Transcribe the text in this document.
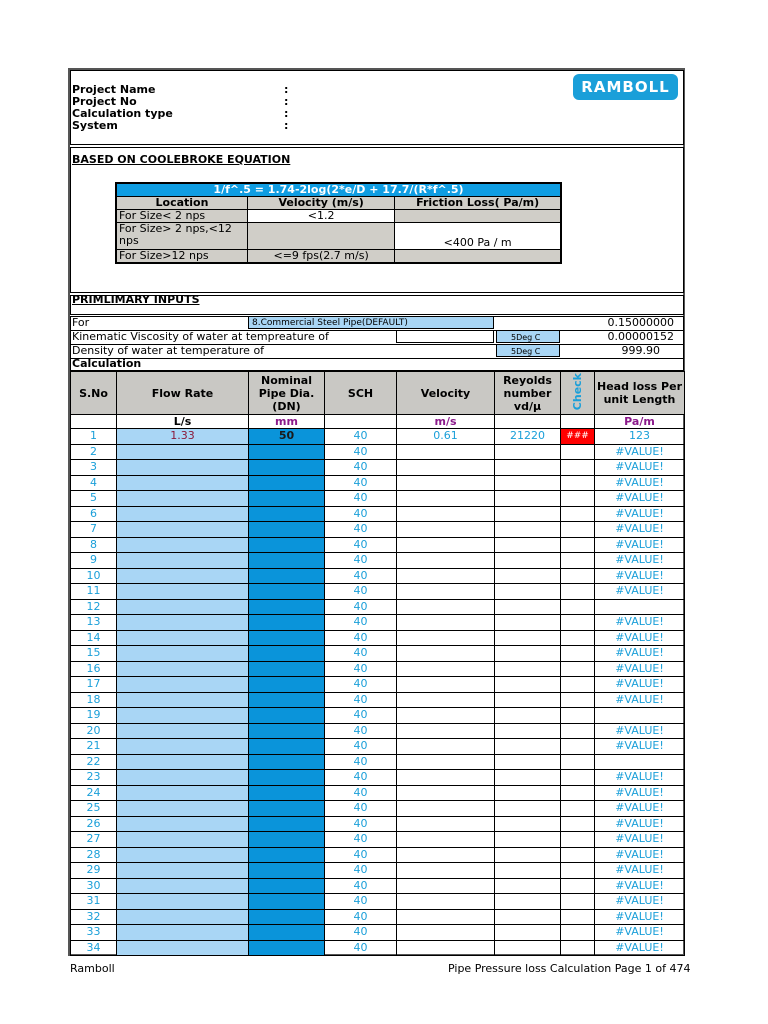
Project Name
Project No
Calculation type
System
:
:
:
:
RAMBOLL
BASED ON COOLEBROKE EQUATION
1/f^.5 = 1.74-2log(2*e/D + 17.7/(R*f^.5)		
Location	Velocity (m/s)	Friction Loss( Pa/m)
For Size< 2 nps	<1.2	
For Size> 2 nps,<12 nps		<400 Pa / m
For Size>12 nps	<=9 fps(2.7 m/s)	
PRIMLIMARY INPUTS
For	8.Commercial Steel Pipe(DEFAULT)	0.15000000
Kinematic Viscosity of water at tempreature of	5Deg C	0.00000152
Density of water at temperature of	5Deg C	999.90
Calculation
S.No	Flow Rate	Nominal Pipe Dia. (DN)	SCH	Velocity	Reyolds number vd/µ	Check	Head loss Per unit Length
	L/s	mm		m/s			Pa/m
1	1.33	50	40	0.61	21220	###	123
2			40				#VALUE!
3			40				#VALUE!
4			40				#VALUE!
5			40				#VALUE!
6			40				#VALUE!
7			40				#VALUE!
8			40				#VALUE!
9			40				#VALUE!
10			40				#VALUE!
11			40				#VALUE!
12			40				
13			40				#VALUE!
14			40				#VALUE!
15			40				#VALUE!
16			40				#VALUE!
17			40				#VALUE!
18			40				#VALUE!
19			40				
20			40				#VALUE!
21			40				#VALUE!
22			40				
23			40				#VALUE!
24			40				#VALUE!
25			40				#VALUE!
26			40				#VALUE!
27			40				#VALUE!
28			40				#VALUE!
29			40				#VALUE!
30			40				#VALUE!
31			40				#VALUE!
32			40				#VALUE!
33			40				#VALUE!
34			40				#VALUE!
Ramboll	Pipe Pressure loss Calculation Page 1 of 474
